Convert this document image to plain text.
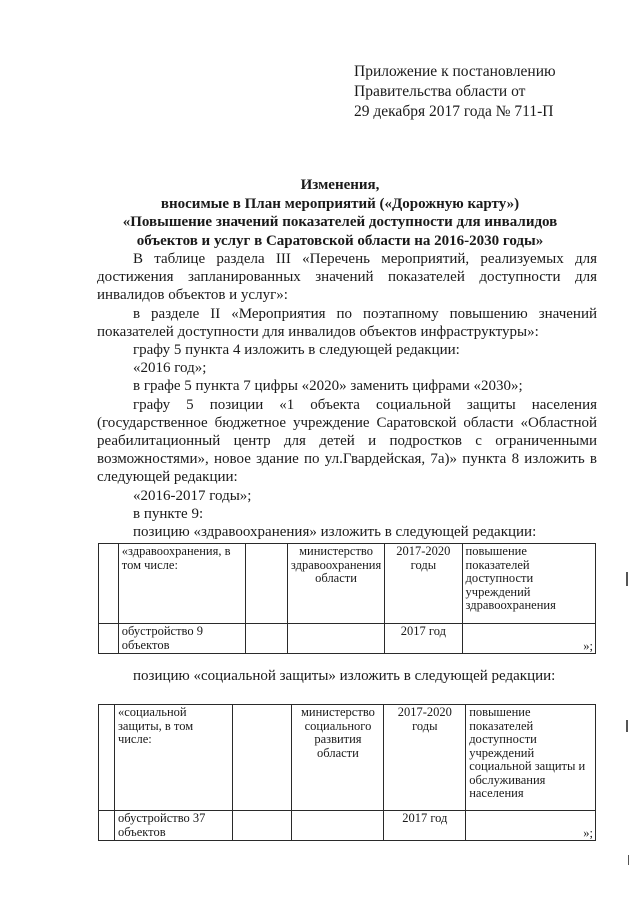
Приложение к постановлению
Правительства области от
29 декабря 2017 года № 711-П
Изменения,
вносимые в План мероприятий («Дорожную карту»)
«Повышение значений показателей доступности для инвалидов
объектов и услуг в Саратовской области на 2016-2030 годы»

В таблице раздела III «Перечень мероприятий, реализуемых для достижения запланированных значений показателей доступности для инвалидов объектов и услуг»:

в разделе II «Мероприятия по поэтапному повышению значений показателей доступности для инвалидов объектов инфраструктуры»:

графу 5 пункта 4 изложить в следующей редакции:

«2016 год»;

в графе 5 пункта 7 цифры «2020» заменить цифрами «2030»;

графу 5 позиции «1 объекта социальной защиты населения (государственное бюджетное учреждение Саратовской области «Областной реабилитационный центр для детей и подростков с ограниченными возможностями», новое здание по ул.Гвардейская, 7а)» пункта 8 изложить в следующей редакции:

«2016-2017 годы»;

в пункте 9:

позицию «здравоохранения» изложить в следующей редакции:

	«здравоохранения, в том числе:		министерство здравоохранения области	2017-2020 годы	повышение показателей доступности учреждений здравоохранения
	обустройство 9 объектов			2017 год	»;
позицию «социальной защиты» изложить в следующей редакции:
	«социальной защиты, в том числе:		министерство социального развития области	2017-2020 годы	повышение показателей доступности учреждений социальной защиты и обслуживания населения
	обустройство 37 объектов			2017 год	»;
